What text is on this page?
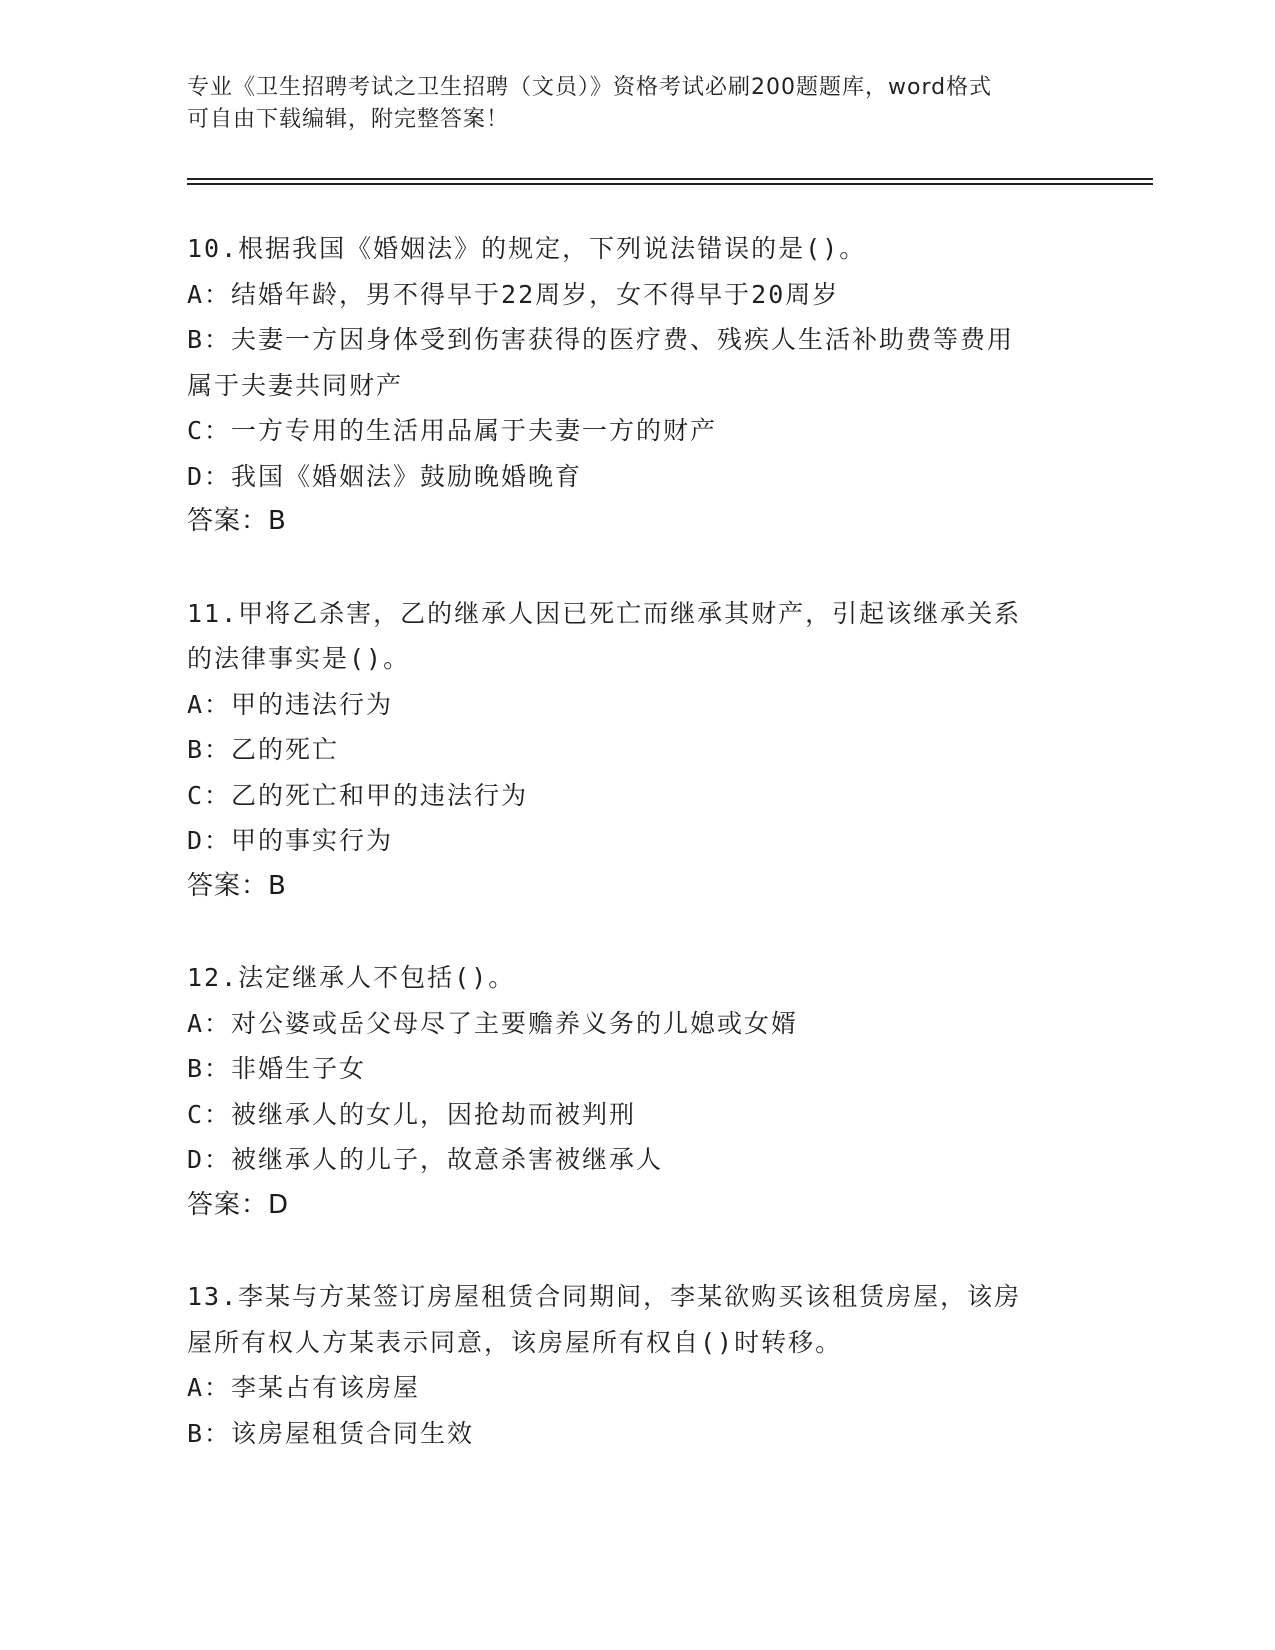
专业《卫生招聘考试之卫生招聘（文员）》资格考试必刷200题题库，word格式
可自由下载编辑，附完整答案！
10.根据我国《婚姻法》的规定，下列说法错误的是()。
A：结婚年龄，男不得早于22周岁，女不得早于20周岁
B：夫妻一方因身体受到伤害获得的医疗费、残疾人生活补助费等费用
属于夫妻共同财产
C：一方专用的生活用品属于夫妻一方的财产
D：我国《婚姻法》鼓励晚婚晚育
答案：B
11.甲将乙杀害，乙的继承人因已死亡而继承其财产，引起该继承关系
的法律事实是()。
A：甲的违法行为
B：乙的死亡
C：乙的死亡和甲的违法行为
D：甲的事实行为
答案：B
12.法定继承人不包括()。
A：对公婆或岳父母尽了主要赡养义务的儿媳或女婿
B：非婚生子女
C：被继承人的女儿，因抢劫而被判刑
D：被继承人的儿子，故意杀害被继承人
答案：D
13.李某与方某签订房屋租赁合同期间，李某欲购买该租赁房屋，该房
屋所有权人方某表示同意，该房屋所有权自()时转移。
A：李某占有该房屋
B：该房屋租赁合同生效
